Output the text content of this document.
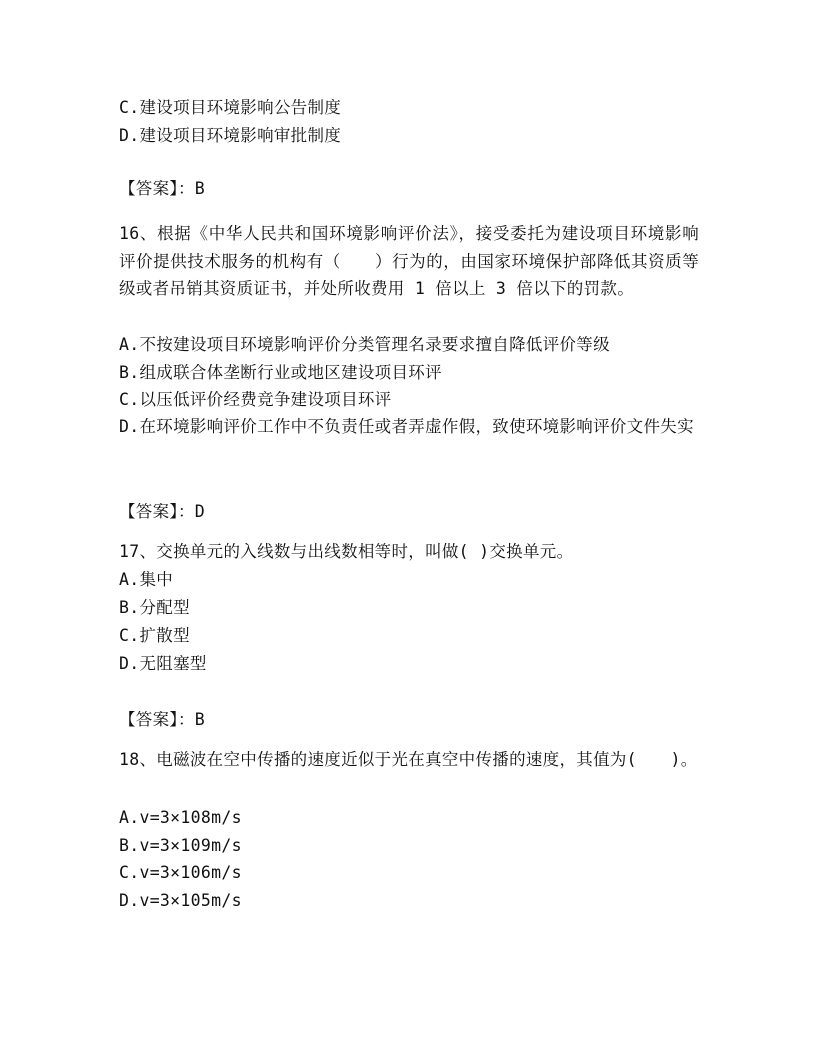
C.建设项目环境影响公告制度
D.建设项目环境影响审批制度
【答案】：B
16、根据《中华人民共和国环境影响评价法》，接受委托为建设项目环境影响评价提供技术服务的机构有（　　）行为的，由国家环境保护部降低其资质等级或者吊销其资质证书，并处所收费用 1 倍以上 3 倍以下的罚款。
A.不按建设项目环境影响评价分类管理名录要求擅自降低评价等级
B.组成联合体垄断行业或地区建设项目环评
C.以压低评价经费竞争建设项目环评
D.在环境影响评价工作中不负责任或者弄虚作假，致使环境影响评价文件失实
【答案】：D
17、交换单元的入线数与出线数相等时，叫做( )交换单元。
A.集中
B.分配型
C.扩散型
D.无阻塞型
【答案】：B
18、电磁波在空中传播的速度近似于光在真空中传播的速度，其值为(　　)。
A.v=3×108m/s
B.v=3×109m/s
C.v=3×106m/s
D.v=3×105m/s
